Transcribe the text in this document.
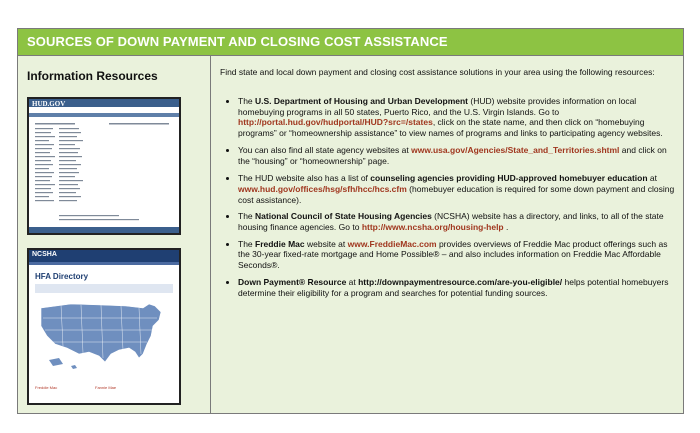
SOURCES OF DOWN PAYMENT AND CLOSING COST ASSISTANCE
Information Resources
HUD.GOV
NCSHA
HFA Directory
Freddie Mac	Fannie Mae
Find state and local down payment and closing cost assistance solutions in your area using the following resources:
The U.S. Department of Housing and Urban Development (HUD) website provides information on local homebuying programs in all 50 states, Puerto Rico, and the U.S. Virgin Islands. Go to http://portal.hud.gov/hudportal/HUD?src=/states, click on the state name, and then click on “homebuying programs” or “homeownership assistance” to view names of programs and links to participating agency websites.
You can also find all state agency websites at www.usa.gov/Agencies/State_and_Territories.shtml and click on the “housing” or “homeownership” page.
The HUD website also has a list of counseling agencies providing HUD-approved homebuyer education at www.hud.gov/offices/hsg/sfh/hcc/hcs.cfm (homebuyer education is required for some down payment and closing cost assistance).
The National Council of State Housing Agencies (NCSHA) website has a directory, and links, to all of the state housing finance agencies. Go to http://www.ncsha.org/housing-help .
The Freddie Mac website at www.FreddieMac.com provides overviews of Freddie Mac product offerings such as the 30-year fixed-rate mortgage and Home Possible® – and also includes information on Freddie Mac Affordable Seconds®.
Down Payment® Resource at http://downpaymentresource.com/are-you-eligible/ helps potential homebuyers determine their eligibility for a program and searches for potential funding sources.
